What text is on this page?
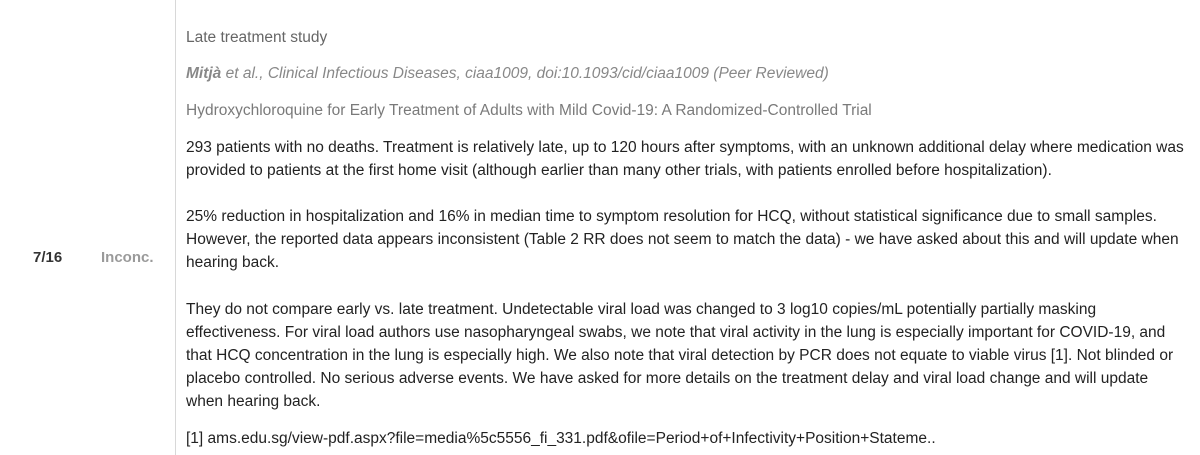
7/16	Inconc.

Late treatment study

Mitjà et al., Clinical Infectious Diseases, ciaa1009, doi:10.1093/cid/ciaa1009 (Peer Reviewed)

Hydroxychloroquine for Early Treatment of Adults with Mild Covid-19: A Randomized-Controlled Trial

293 patients with no deaths. Treatment is relatively late, up to 120 hours after symptoms, with an unknown additional delay where medication was provided to patients at the first home visit (although earlier than many other trials, with patients enrolled before hospitalization).

25% reduction in hospitalization and 16% in median time to symptom resolution for HCQ, without statistical significance due to small samples. However, the reported data appears inconsistent (Table 2 RR does not seem to match the data) - we have asked about this and will update when hearing back.

They do not compare early vs. late treatment. Undetectable viral load was changed to 3 log10 copies/mL potentially partially masking effectiveness. For viral load authors use nasopharyngeal swabs, we note that viral activity in the lung is especially important for COVID-19, and that HCQ concentration in the lung is especially high. We also note that viral detection by PCR does not equate to viable virus [1]. Not blinded or placebo controlled. No serious adverse events. We have asked for more details on the treatment delay and viral load change and will update when hearing back.

[1] ams.edu.sg/view-pdf.aspx?file=media%5c5556_fi_331.pdf&ofile=Period+of+Infectivity+Position+Stateme..
